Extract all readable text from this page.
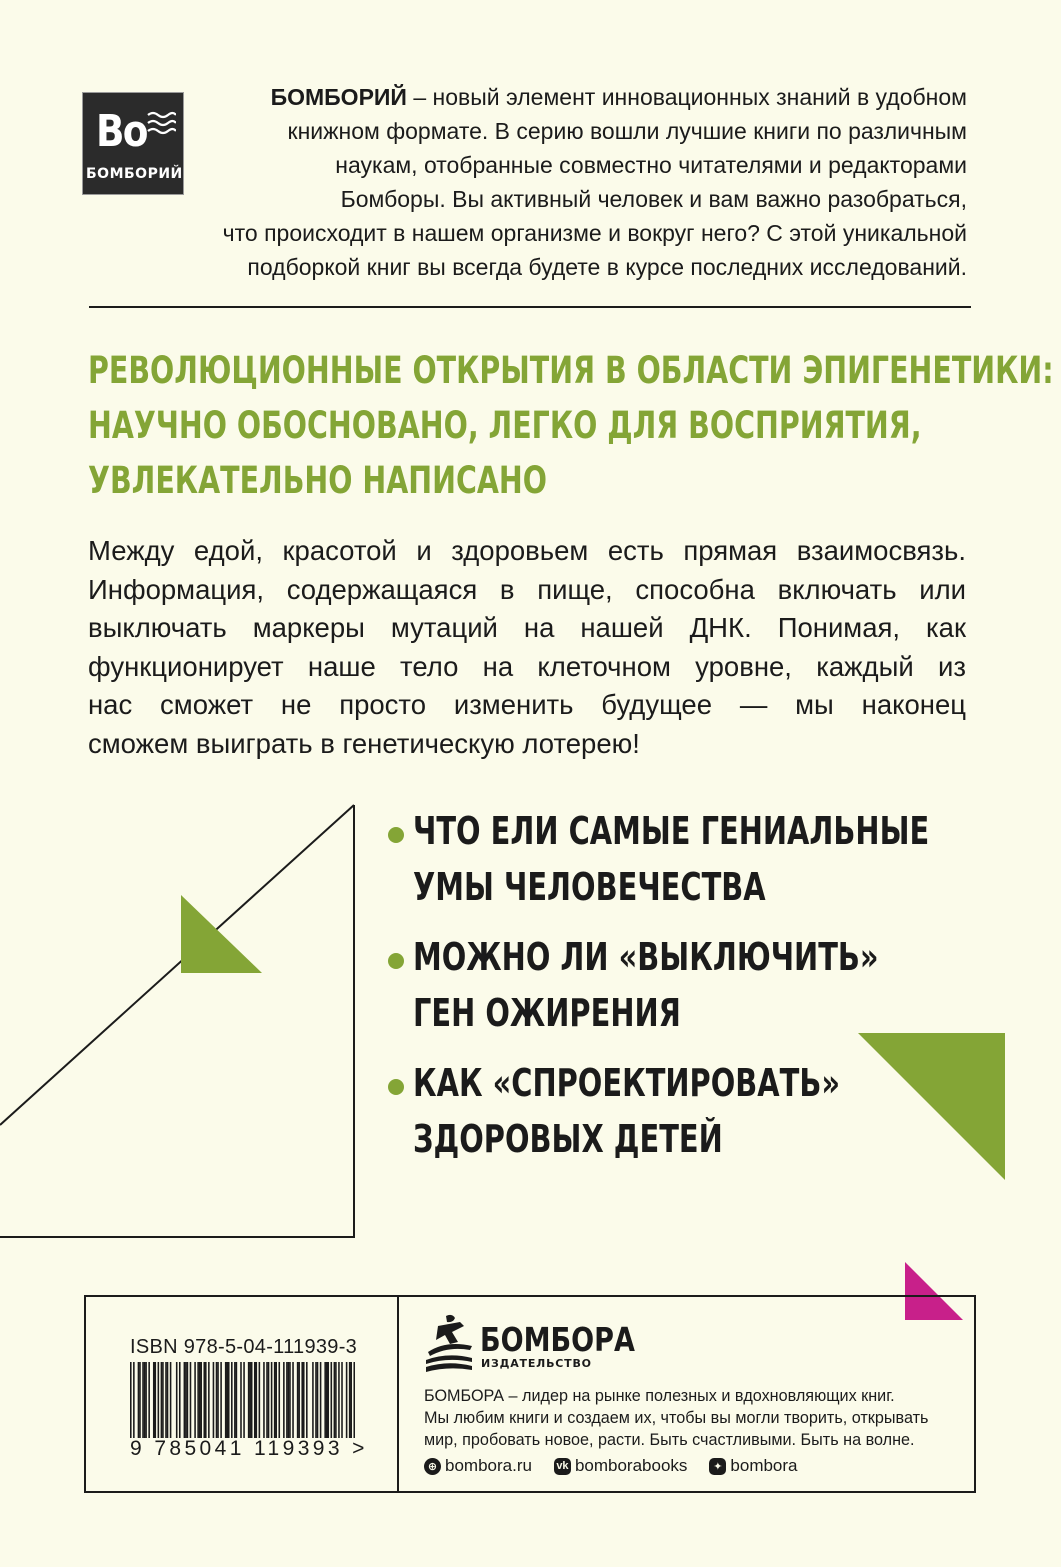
Bo
БОМБОРИЙ
БОМБОРИЙ – новый элемент инновационных знаний в удобном
книжном формате. В серию вошли лучшие книги по различным
наукам, отобранные совместно читателями и редакторами
Бомборы. Вы активный человек и вам важно разобраться,
что происходит в нашем организме и вокруг него? С этой уникальной
подборкой книг вы всегда будете в курсе последних исследований.
РЕВОЛЮЦИОННЫЕ ОТКРЫТИЯ В ОБЛАСТИ ЭПИГЕНЕТИКИ:
НАУЧНО ОБОСНОВАНО, ЛЕГКО ДЛЯ ВОСПРИЯТИЯ,
УВЛЕКАТЕЛЬНО НАПИСАНО
Между едой, красотой и здоровьем есть прямая взаимосвязь.
Информация, содержащаяся в пище, способна включать или
выключать маркеры мутаций на нашей ДНК. Понимая, как
функционирует наше тело на клеточном уровне, каждый из
нас сможет не просто изменить будущее — мы наконец
сможем выиграть в генетическую лотерею!
ЧТО ЕЛИ САМЫЕ ГЕНИАЛЬНЫЕ
УМЫ ЧЕЛОВЕЧЕСТВА
МОЖНО ЛИ «ВЫКЛЮЧИТЬ»
ГЕН ОЖИРЕНИЯ
КАК «СПРОЕКТИРОВАТЬ»
ЗДОРОВЫХ ДЕТЕЙ
ISBN 978-5-04-111939-3
9 785041 119393 >
БОМБОРА
ИЗДАТЕЛЬСТВО
БОМБОРА – лидер на рынке полезных и вдохновляющих книг.
Мы любим книги и создаем их, чтобы вы могли творить, открывать
мир, пробовать новое, расти. Быть счастливыми. Быть на волне.
⊕ bombora.ru vk bomborabooks	✦ bombora
